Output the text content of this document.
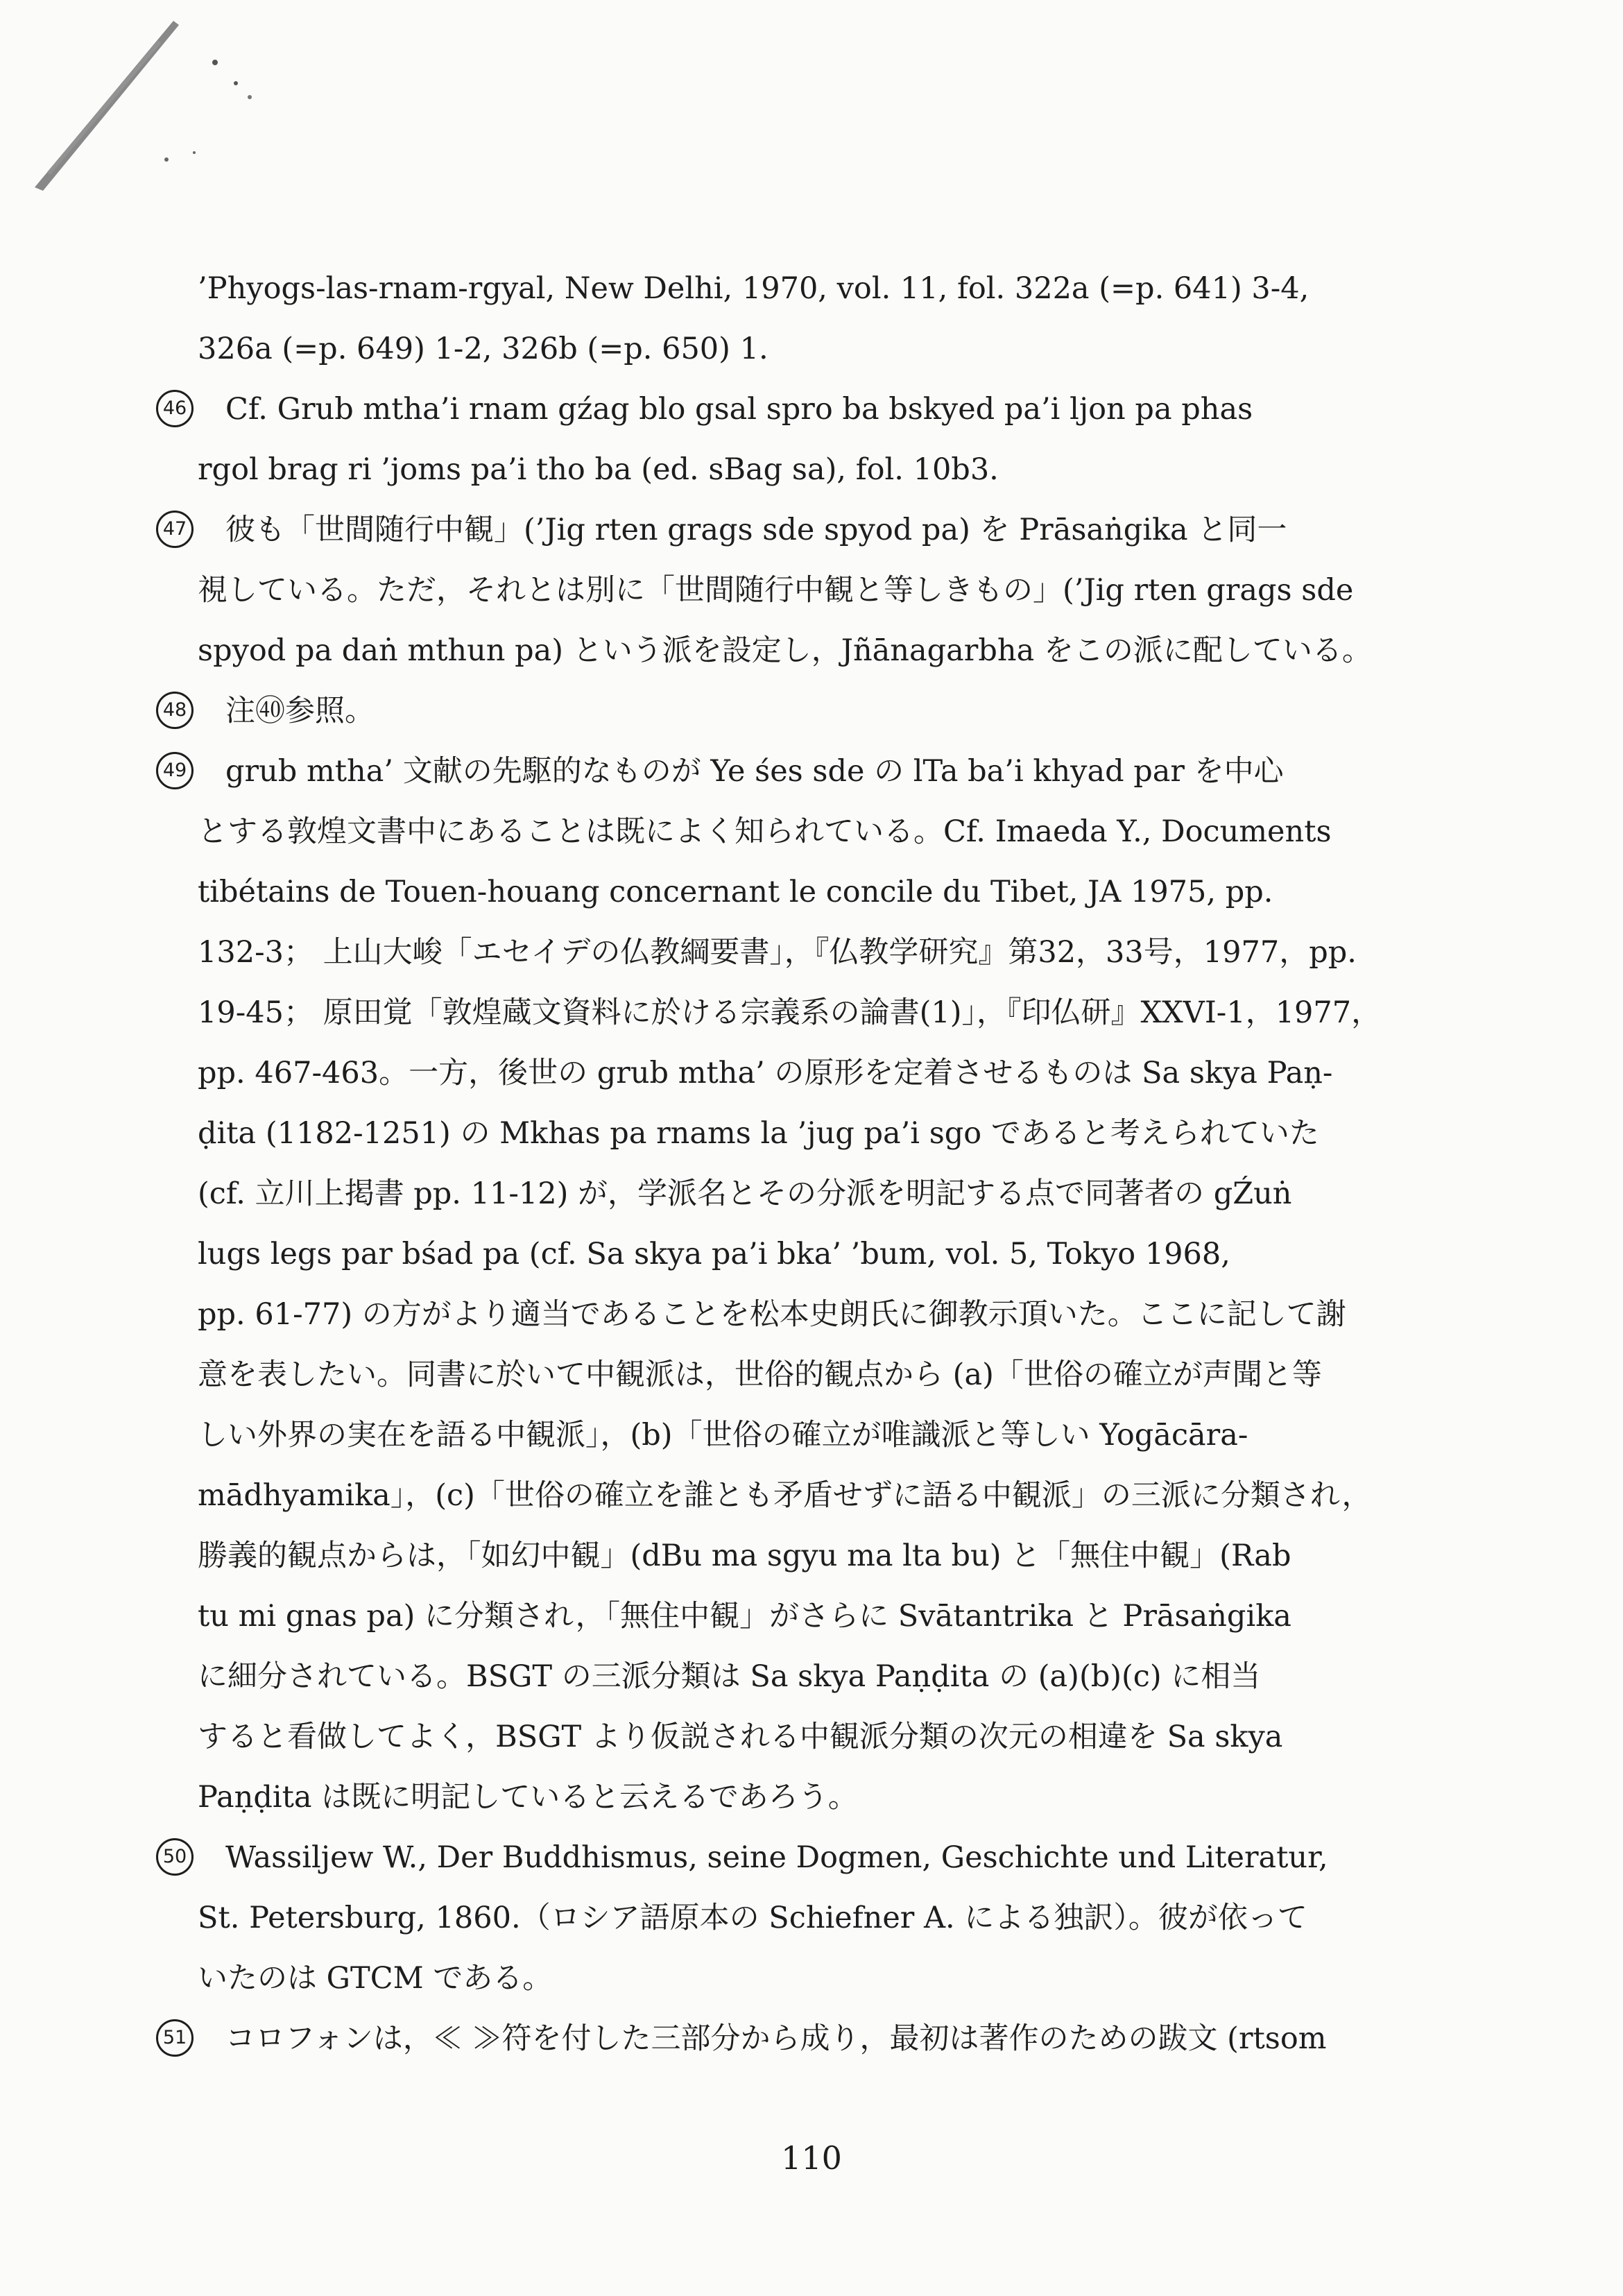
’Phyogs-las-rnam-rgyal, New Delhi, 1970, vol. 11, fol. 322a (=p. 641) 3-4,
326a (=p. 649) 1-2, 326b (=p. 650) 1.
46 Cf. Grub mtha’i rnam gźag blo gsal spro ba bskyed pa’i ljon pa phas
rgol brag ri ’joms pa’i tho ba (ed. sBag sa), fol. 10b3.
47 彼も「世間随行中観」(’Jig rten grags sde spyod pa) を Prāsaṅgika と同一
視している。ただ，それとは別に「世間随行中観と等しきもの」(’Jig rten grags sde
spyod pa daṅ mthun pa) という派を設定し，Jñānagarbha をこの派に配している。
48 注㊵参照。
49 grub mtha’ 文献の先駆的なものが Ye śes sde の lTa ba’i khyad par を中心
とする敦煌文書中にあることは既によく知られている。Cf. Imaeda Y., Documents
tibétains de Touen-houang concernant le concile du Tibet, JA 1975, pp.
132-3； 上山大峻「エセイデの仏教綱要書」，『仏教学研究』第32，33号，1977，pp.
19-45； 原田覚「敦煌蔵文資料に於ける宗義系の論書(1)」，『印仏研』XXVI-1，1977，
pp. 467-463。一方，後世の grub mtha’ の原形を定着させるものは Sa skya Paṇ-
ḍita (1182-1251) の Mkhas pa rnams la ’jug pa’i sgo であると考えられていた
(cf. 立川上掲書 pp. 11-12) が，学派名とその分派を明記する点で同著者の gŹuṅ
lugs legs par bśad pa (cf. Sa skya pa’i bka’ ’bum, vol. 5, Tokyo 1968,
pp. 61-77) の方がより適当であることを松本史朗氏に御教示頂いた。ここに記して謝
意を表したい。同書に於いて中観派は，世俗的観点から (a)「世俗の確立が声聞と等
しい外界の実在を語る中観派」，(b)「世俗の確立が唯識派と等しい Yogācāra-
mādhyamika」，(c)「世俗の確立を誰とも矛盾せずに語る中観派」の三派に分類され，
勝義的観点からは，「如幻中観」(dBu ma sgyu ma lta bu) と「無住中観」(Rab
tu mi gnas pa) に分類され，「無住中観」がさらに Svātantrika と Prāsaṅgika
に細分されている。BSGT の三派分類は Sa skya Paṇḍita の (a)(b)(c) に相当
すると看做してよく，BSGT より仮説される中観派分類の次元の相違を Sa skya
Paṇḍita は既に明記していると云えるであろう。
50 Wassiljew W., Der Buddhismus, seine Dogmen, Geschichte und Literatur,
St. Petersburg, 1860.（ロシア語原本の Schiefner A. による独訳）。彼が依って
いたのは GTCM である。
51 コロフォンは，≪ ≫符を付した三部分から成り，最初は著作のための跋文 (rtsom
110
